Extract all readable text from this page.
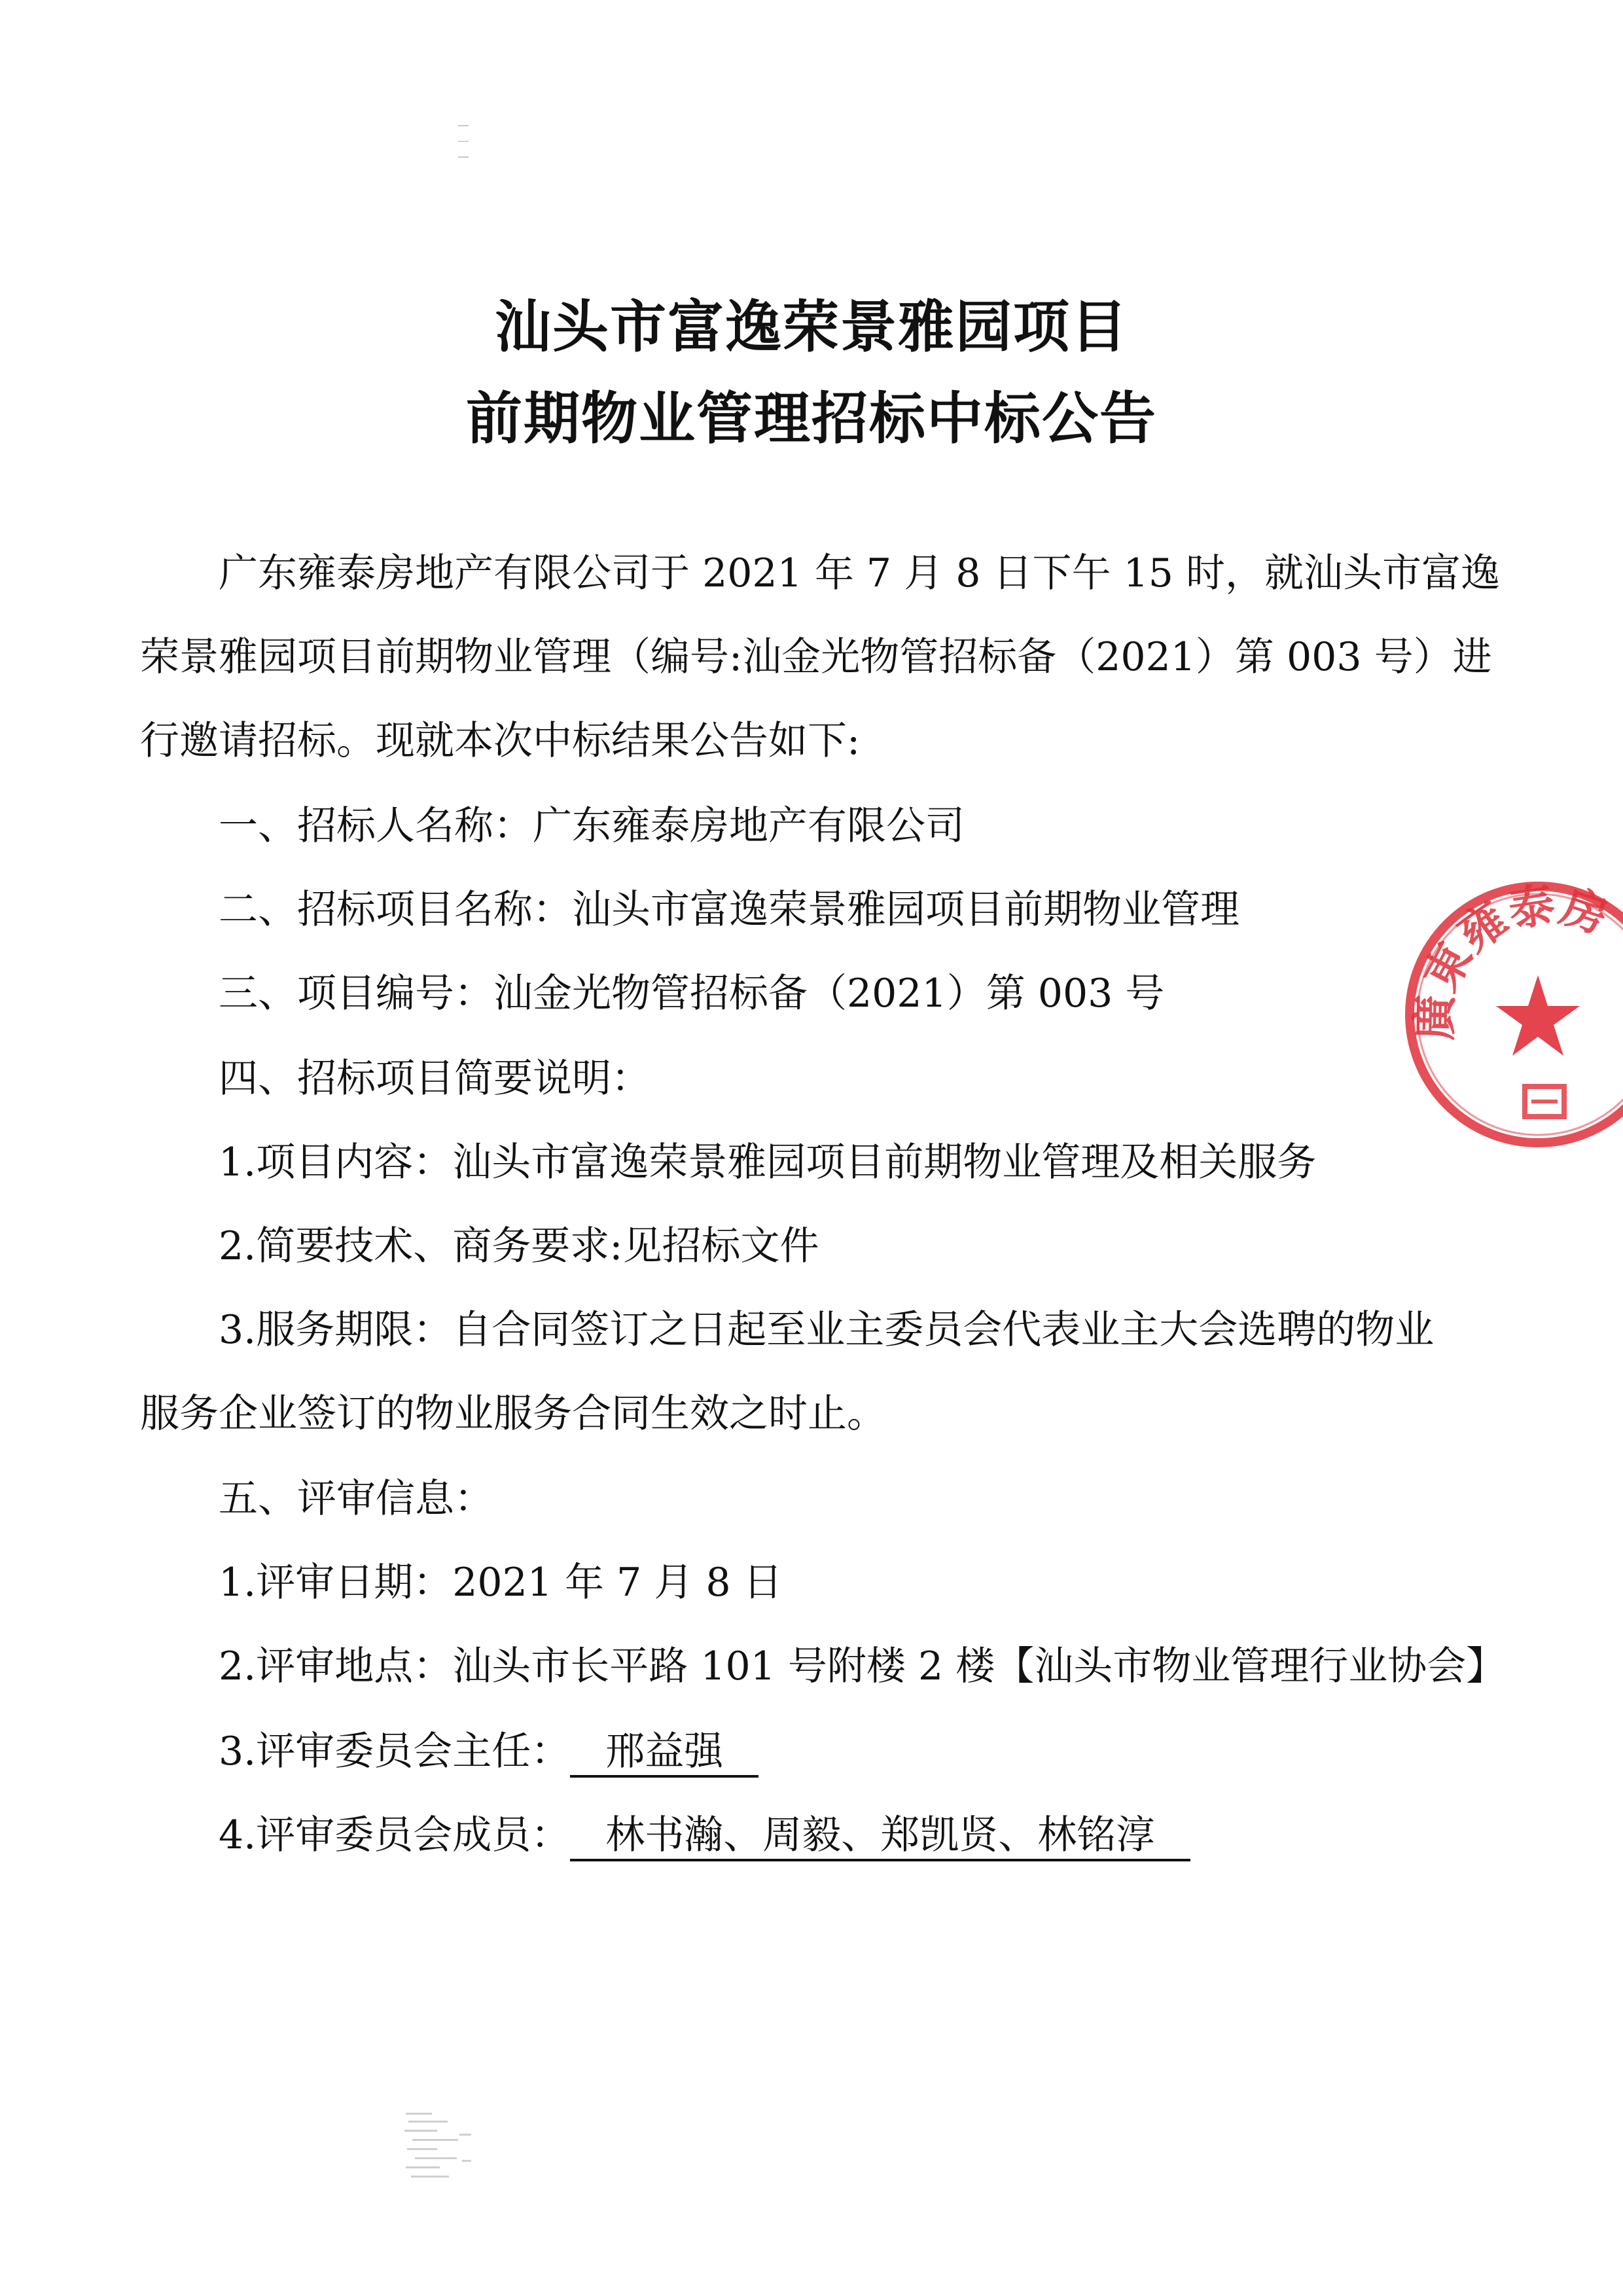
汕头市富逸荣景雅园项目
前期物业管理招标中标公告
广东雍泰房地产有限公司于 2021 年 7 月 8 日下午 15 时，就汕头市富逸
荣景雅园项目前期物业管理（编号:汕金光物管招标备（2021）第 003 号）进
行邀请招标。现就本次中标结果公告如下:
一、招标人名称：广东雍泰房地产有限公司
二、招标项目名称：汕头市富逸荣景雅园项目前期物业管理
三、项目编号：汕金光物管招标备（2021）第 003 号
四、招标项目简要说明：
1.项目内容：汕头市富逸荣景雅园项目前期物业管理及相关服务
2.简要技术、商务要求:见招标文件
3.服务期限：自合同签订之日起至业主委员会代表业主大会选聘的物业
服务企业签订的物业服务合同生效之时止。
五、评审信息：
1.评审日期：2021 年 7 月 8 日
2.评审地点：汕头市长平路 101 号附楼 2 楼【汕头市物业管理行业协会】
3.评审委员会主任： 邢益强
4.评审委员会成员： 林书瀚、周毅、郑凯贤、林铭淳
廣東雍泰房
